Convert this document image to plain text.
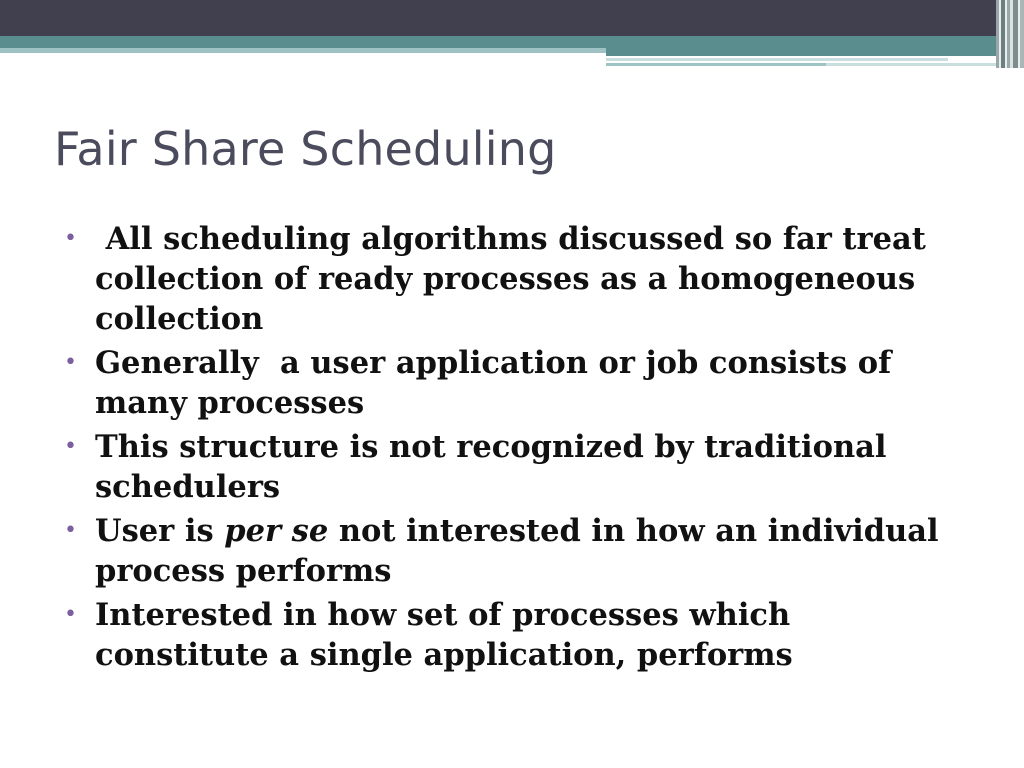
Fair Share Scheduling
• All scheduling algorithms discussed so far treat collection of ready processes as a homogeneous collection
• Generally  a user application or job consists of many processes
• This structure is not recognized by traditional schedulers
• User is per se not interested in how an individual process performs
• Interested in how set of processes which constitute a single application, performs
